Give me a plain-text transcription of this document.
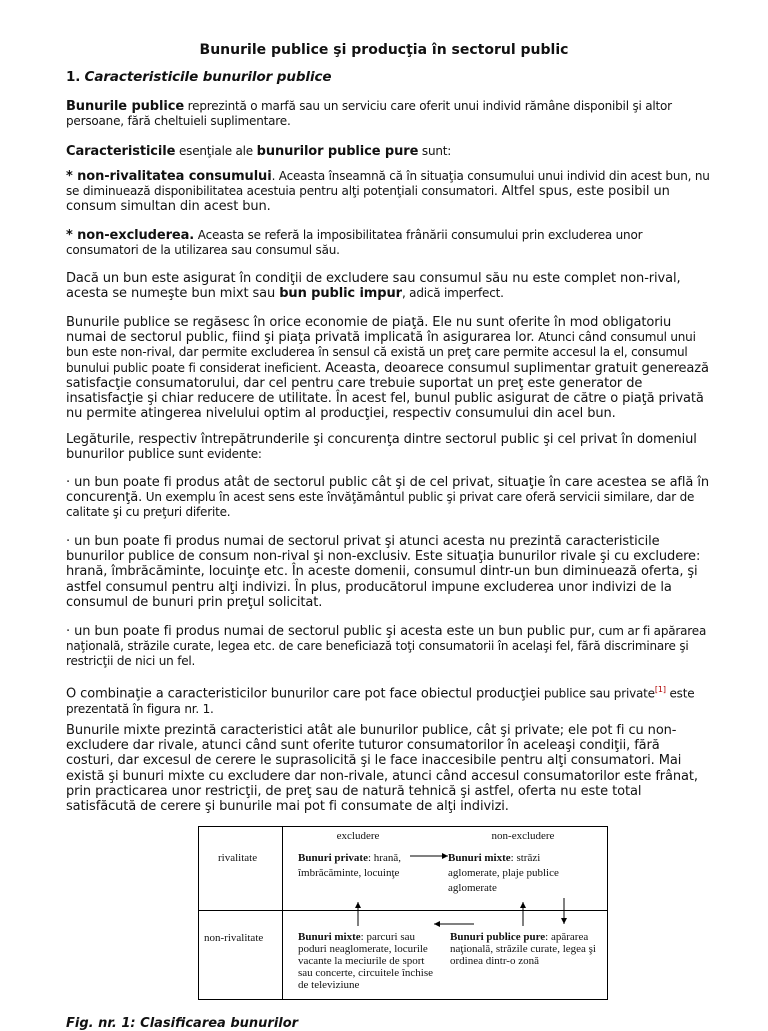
Bunurile publice şi producţia în sectorul public
1. Caracteristicile bunurilor publice
Bunurile publice reprezintă o marfă sau un serviciu care oferit unui individ rămâne disponibil şi altor persoane, fără cheltuieli suplimentare.
Caracteristicile esenţiale ale bunurilor publice pure sunt:
* non-rivalitatea consumului. Aceasta înseamnă că în situaţia consumului unui individ din acest bun, nu se diminuează disponibilitatea acestuia pentru alţi potenţiali consumatori. Altfel spus, este posibil un consum simultan din acest bun.
* non-excluderea. Aceasta se referă la imposibilitatea frânării consumului prin excluderea unor consumatori de la utilizarea sau consumul său.
Dacă un bun este asigurat în condiţii de excludere sau consumul său nu este complet non-rival, acesta se numeşte bun mixt sau bun public impur, adică imperfect.
Bunurile publice se regăsesc în orice economie de piaţă. Ele nu sunt oferite în mod obligatoriu numai de sectorul public, fiind şi piaţa privată implicată în asigurarea lor. Atunci când consumul unui bun este non-rival, dar permite excluderea în sensul că există un preţ care permite accesul la el, consumul bunului public poate fi considerat ineficient. Aceasta, deoarece consumul suplimentar gratuit generează satisfacţie consumatorului, dar cel pentru care trebuie suportat un preţ este generator de insatisfacţie şi chiar reducere de utilitate. În acest fel, bunul public asigurat de către o piaţă privată nu permite atingerea nivelului optim al producţiei, respectiv consumului din acel bun.
Legăturile, respectiv întrepătrunderile şi concurenţa dintre sectorul public şi cel privat în domeniul bunurilor publice sunt evidente:
· un bun poate fi produs atât de sectorul public cât şi de cel privat, situaţie în care acestea se află în concurenţă. Un exemplu în acest sens este învăţământul public şi privat care oferă servicii similare, dar de calitate şi cu preţuri diferite.
· un bun poate fi produs numai de sectorul privat şi atunci acesta nu prezintă caracteristicile bunurilor publice de consum non-rival şi non-exclusiv. Este situaţia bunurilor rivale şi cu excludere: hrană, îmbrăcăminte, locuinţe etc. În aceste domenii, consumul dintr-un bun diminuează oferta, şi astfel consumul pentru alţi indivizi. În plus, producătorul impune excluderea unor indivizi de la consumul de bunuri prin preţul solicitat.
· un bun poate fi produs numai de sectorul public şi acesta este un bun public pur, cum ar fi apărarea naţională, străzile curate, legea etc. de care beneficiază toţi consumatorii în acelaşi fel, fără discriminare şi restricţii de nici un fel.
O combinaţie a caracteristicilor bunurilor care pot face obiectul producţiei publice sau private[1] este prezentată în figura nr. 1.
Bunurile mixte prezintă caracteristici atât ale bunurilor publice, cât şi private; ele pot fi cu non-excludere dar rivale, atunci când sunt oferite tuturor consumatorilor în aceleaşi condiţii, fără costuri, dar excesul de cerere le suprasolicită şi le face inaccesibile pentru alţi consumatori. Mai există şi bunuri mixte cu excludere dar non-rivale, atunci când accesul consumatorilor este frânat, prin practicarea unor restricţii, de preţ sau de natură tehnică şi astfel, oferta nu este total satisfăcută de cerere şi bunurile mai pot fi consumate de alţi indivizi.
excludere	non-excludere
rivalitate
non-rivalitate
Bunuri private: hrană, îmbrăcăminte, locuinţe
Bunuri mixte: străzi aglomerate, plaje publice aglomerate
Bunuri mixte: parcuri sau poduri neaglomerate, locurile vacante la meciurile de sport sau concerte, circuitele închise de televiziune
Bunuri publice pure: apărarea naţională, străzile curate, legea şi ordinea dintr-o zonă
Fig. nr. 1: Clasificarea bunurilor
